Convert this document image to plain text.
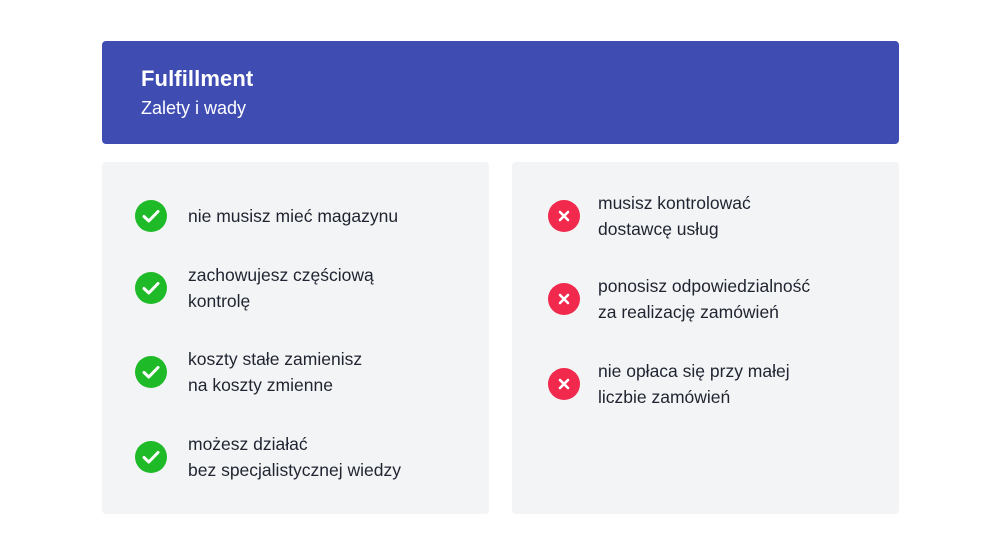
Fulfillment
Zalety i wady
nie musisz mieć magazynu
zachowujesz częściową
kontrolę
koszty stałe zamienisz
na koszty zmienne
możesz działać
bez specjalistycznej wiedzy
musisz kontrolować
dostawcę usług
ponosisz odpowiedzialność
za realizację zamówień
nie opłaca się przy małej
liczbie zamówień
